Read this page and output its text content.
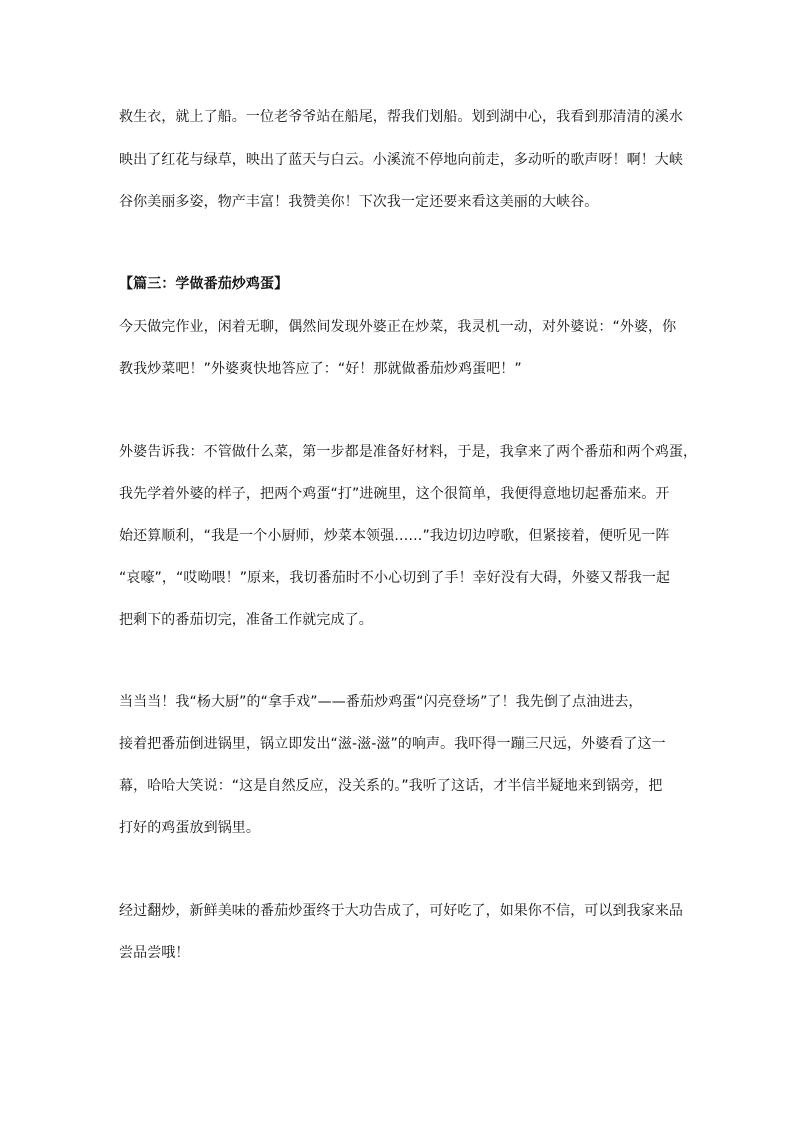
救生衣，就上了船。一位老爷爷站在船尾，帮我们划船。划到湖中心，我看到那清清的溪水
映出了红花与绿草，映出了蓝天与白云。小溪流不停地向前走，多动听的歌声呀！啊！大峡
谷你美丽多姿，物产丰富！我赞美你！下次我一定还要来看这美丽的大峡谷。
【篇三：学做番茄炒鸡蛋】
今天做完作业，闲着无聊，偶然间发现外婆正在炒菜，我灵机一动，对外婆说：“外婆，你
教我炒菜吧！”外婆爽快地答应了：“好！那就做番茄炒鸡蛋吧！”
外婆告诉我：不管做什么菜，第一步都是准备好材料，于是，我拿来了两个番茄和两个鸡蛋，
我先学着外婆的样子，把两个鸡蛋“打”进碗里，这个很简单，我便得意地切起番茄来。开
始还算顺利，“我是一个小厨师，炒菜本领强……”我边切边哼歌，但紧接着，便听见一阵
“哀嚎”，“哎呦喂！”原来，我切番茄时不小心切到了手！幸好没有大碍，外婆又帮我一起
把剩下的番茄切完，准备工作就完成了。
当当当！我“杨大厨”的“拿手戏”——番茄炒鸡蛋“闪亮登场”了！我先倒了点油进去，
接着把番茄倒进锅里，锅立即发出“滋-滋-滋”的响声。我吓得一蹦三尺远，外婆看了这一
幕，哈哈大笑说：“这是自然反应，没关系的。”我听了这话，才半信半疑地来到锅旁，把
打好的鸡蛋放到锅里。
经过翻炒，新鲜美味的番茄炒蛋终于大功告成了，可好吃了，如果你不信，可以到我家来品
尝品尝哦！
